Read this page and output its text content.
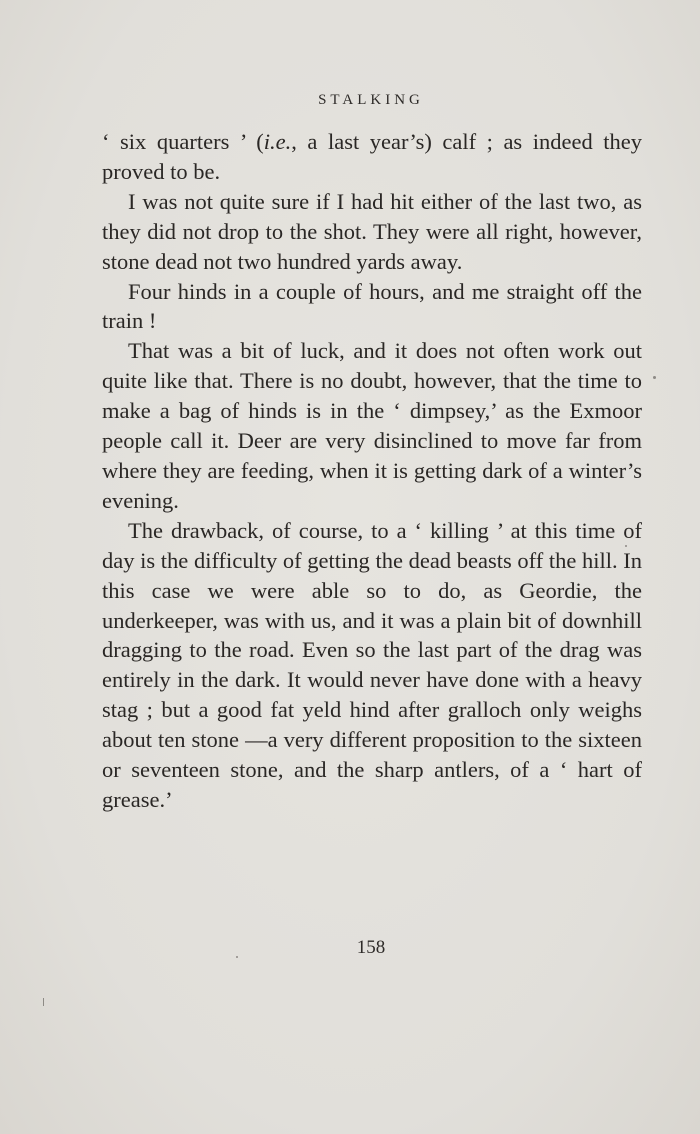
STALKING

‘ six quarters ’ (i.e., a last year’s) calf ; as indeed they proved to be.

I was not quite sure if I had hit either of the last two, as they did not drop to the shot. They were all right, however, stone dead not two hundred yards away.

Four hinds in a couple of hours, and me straight off the train !

That was a bit of luck, and it does not often work out quite like that. There is no doubt, however, that the time to make a bag of hinds is in the ‘ dimpsey,’ as the Exmoor people call it. Deer are very disinclined to move far from where they are feeding, when it is getting dark of a winter’s evening.

The drawback, of course, to a ‘ killing ’ at this time of day is the difficulty of getting the dead beasts off the hill. In this case we were able so to do, as Geordie, the underkeeper, was with us, and it was a plain bit of downhill dragging to the road. Even so the last part of the drag was entirely in the dark. It would never have done with a heavy stag ; but a good fat yeld hind after gralloch only weighs about ten stone —a very different proposition to the sixteen or seventeen stone, and the sharp antlers, of a ‘ hart of grease.’

158
